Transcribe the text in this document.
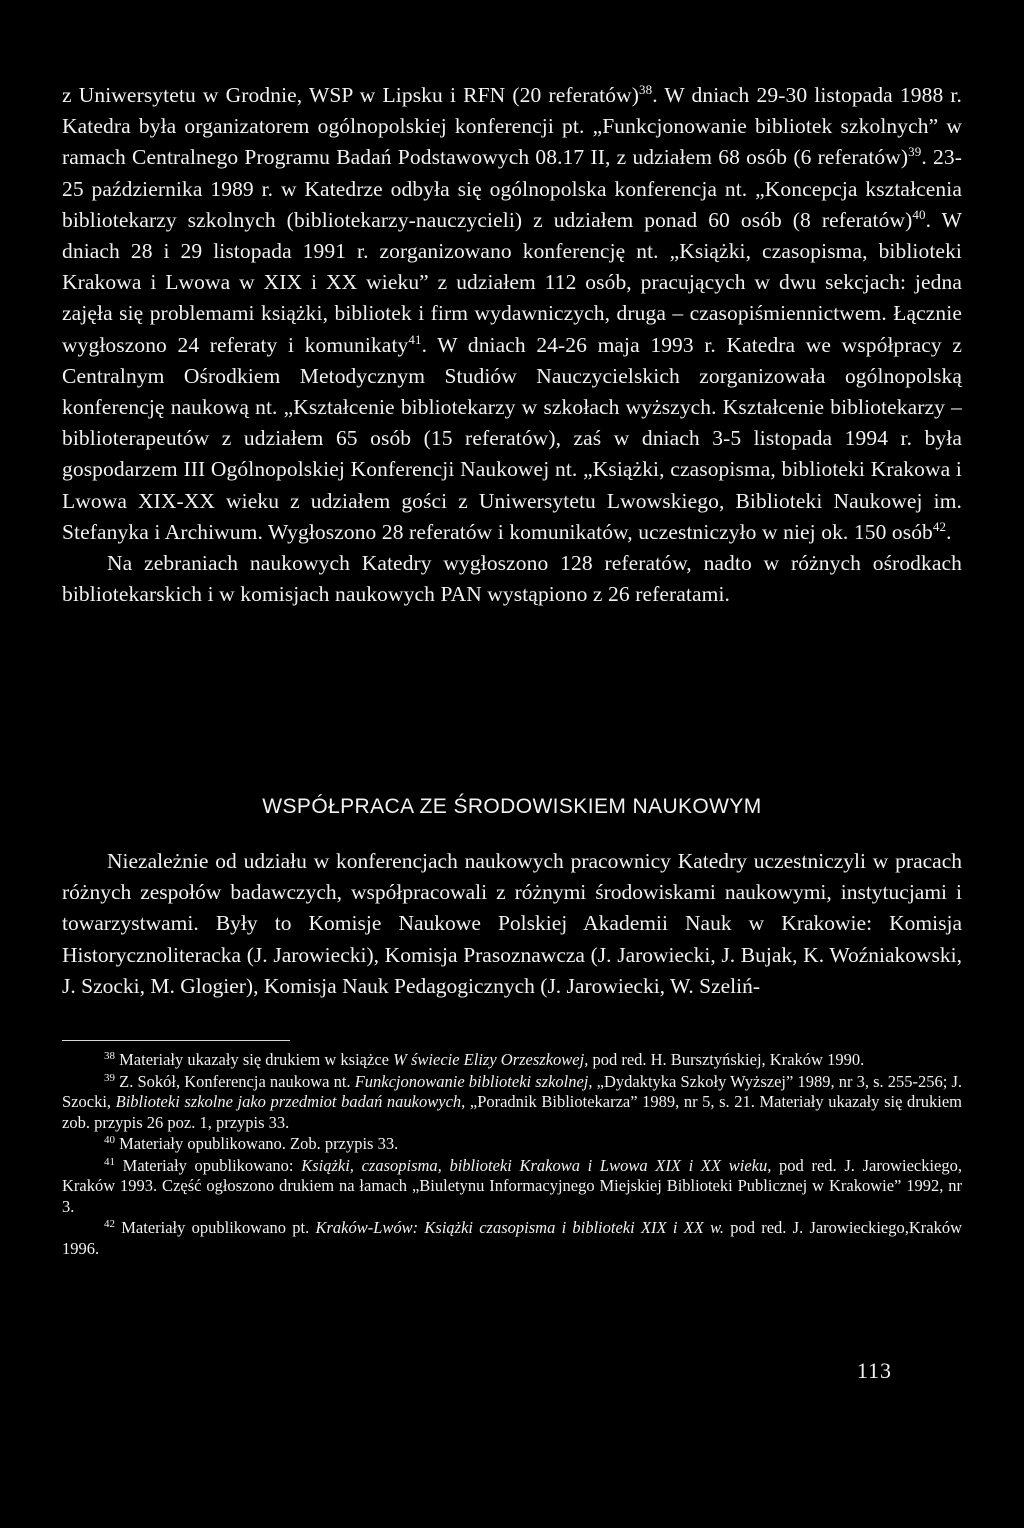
z Uniwersytetu w Grodnie, WSP w Lipsku i RFN (20 referatów)$^{38}$. W dniach 29-30 listopada 1988 r. Katedra była organizatorem ogólnopolskiej konferencji pt. „Funkcjonowanie bibliotek szkolnych” w ramach Centralnego Programu Badań Podstawowych 08.17 II, z udziałem 68 osób (6 referatów)$^{39}$. 23-25 października 1989 r. w Katedrze odbyła się ogólnopolska konferencja nt. „Koncepcja kształcenia bibliotekarzy szkolnych (bibliotekarzy-nauczycieli) z udziałem ponad 60 osób (8 referatów)$^{40}$. W dniach 28 i 29 listopada 1991 r. zorganizowano konferencję nt. „Książki, czasopisma, biblioteki Krakowa i Lwowa w XIX i XX wieku” z udziałem 112 osób, pracujących w dwu sekcjach: jedna zajęła się problemami książki, bibliotek i firm wydawniczych, druga – czasopiśmiennictwem. Łącznie wygłoszono 24 referaty i komunikaty$^{41}$. W dniach 24-26 maja 1993 r. Katedra we współpracy z Centralnym Ośrodkiem Metodycznym Studiów Nauczycielskich zorganizowała ogólnopolską konferencję naukową nt. „Kształcenie bibliotekarzy w szkołach wyższych. Kształcenie bibliotekarzy – biblioterapeutów z udziałem 65 osób (15 referatów), zaś w dniach 3-5 listopada 1994 r. była gospodarzem III Ogólnopolskiej Konferencji Naukowej nt. „Książki, czasopisma, biblioteki Krakowa i Lwowa XIX-XX wieku z udziałem gości z Uniwersytetu Lwowskiego, Biblioteki Naukowej im. Stefanyka i Archiwum. Wygłoszono 28 referatów i komunikatów, uczestniczyło w niej ok. 150 osób$^{42}$.

Na zebraniach naukowych Katedry wygłoszono 128 referatów, nadto w różnych ośrodkach bibliotekarskich i w komisjach naukowych PAN wystąpiono z 26 referatami.

WSPÓŁPRACA ZE ŚRODOWISKIEM NAUKOWYM

Niezależnie od udziału w konferencjach naukowych pracownicy Katedry uczestniczyli w pracach różnych zespołów badawczych, współpracowali z różnymi środowiskami naukowymi, instytucjami i towarzystwami. Były to Komisje Naukowe Polskiej Akademii Nauk w Krakowie: Komisja Historycznoliteracka (J. Jarowiecki), Komisja Prasoznawcza (J. Jarowiecki, J. Bujak, K. Woźniakowski, J. Szocki, M. Glogier), Komisja Nauk Pedagogicznych (J. Jarowiecki, W. Szeliń-

$^{38}$ Materiały ukazały się drukiem w książce W świecie Elizy Orzeszkowej, pod red. H. Bursztyńskiej, Kraków 1990.

$^{39}$ Z. Sokół, Konferencja naukowa nt. Funkcjonowanie biblioteki szkolnej, „Dydaktyka Szkoły Wyższej” 1989, nr 3, s. 255-256; J. Szocki, Biblioteki szkolne jako przedmiot badań naukowych, „Poradnik Bibliotekarza” 1989, nr 5, s. 21. Materiały ukazały się drukiem zob. przypis 26 poz. 1, przypis 33.

$^{40}$ Materiały opublikowano. Zob. przypis 33.

$^{41}$ Materiały opublikowano: Książki, czasopisma, biblioteki Krakowa i Lwowa XIX i XX wieku, pod red. J. Jarowieckiego, Kraków 1993. Część ogłoszono drukiem na łamach „Biuletynu Informacyjnego Miejskiej Biblioteki Publicznej w Krakowie” 1992, nr 3.

$^{42}$ Materiały opublikowano pt. Kraków-Lwów: Książki czasopisma i biblioteki XIX i XX w. pod red. J. Jarowieckiego,Kraków 1996.

113
